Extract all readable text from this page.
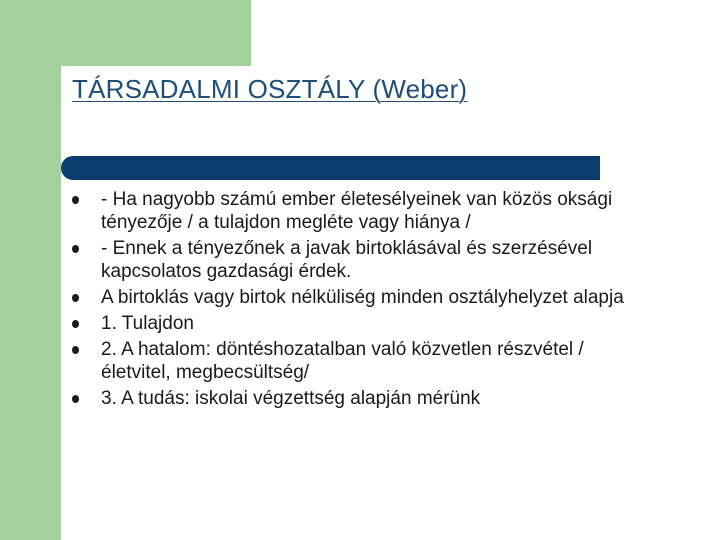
TÁRSADALMI OSZTÁLY (Weber)
- Ha nagyobb számú ember életesélyeinek van közös oksági tényezője / a tulajdon megléte vagy hiánya /
- Ennek a tényezőnek a javak birtoklásával és szerzésével kapcsolatos gazdasági érdek.
A birtoklás vagy birtok nélküliség minden osztályhelyzet alapja
1. Tulajdon
2. A hatalom: döntéshozatalban való közvetlen részvétel /életvitel, megbecsültség/
3. A tudás: iskolai végzettség alapján mérünk
